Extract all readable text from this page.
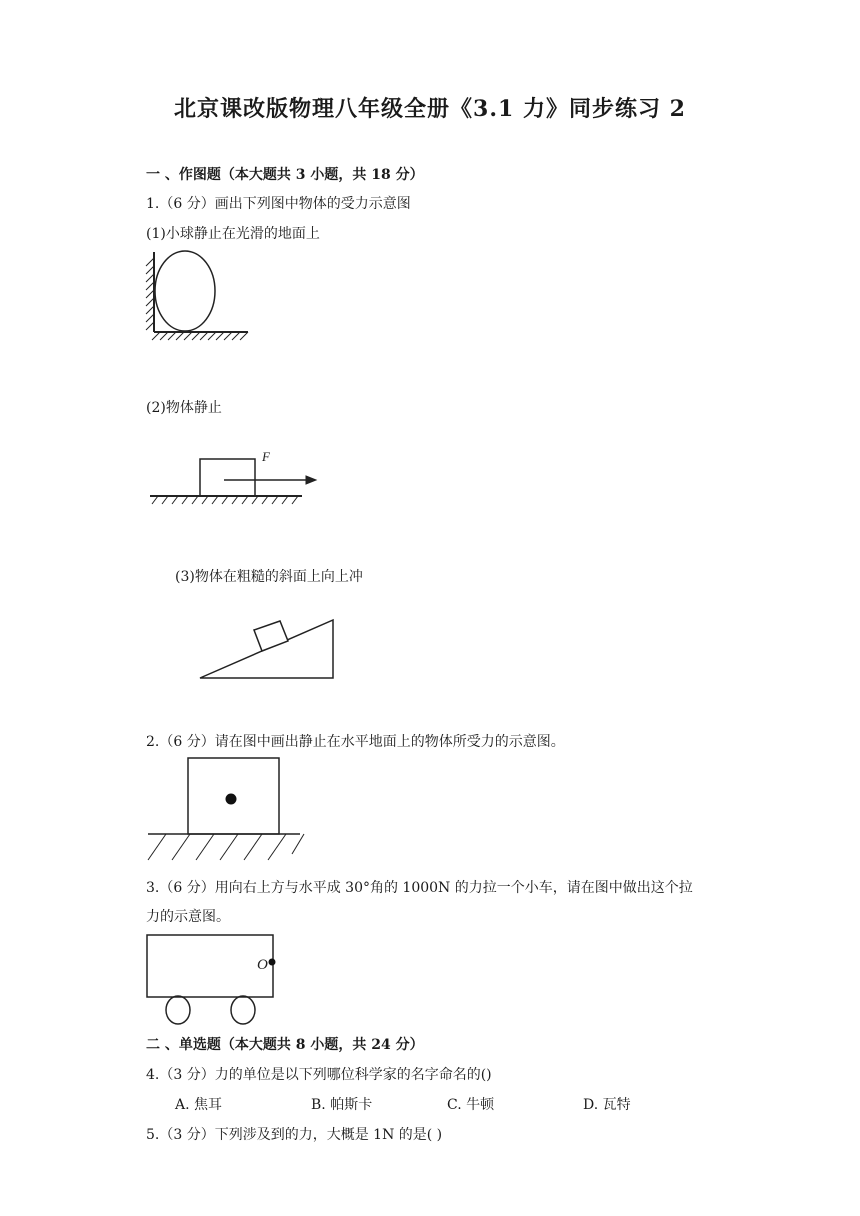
北京课改版物理八年级全册《3.1 力》同步练习 2
一 、作图题（本大题共 3 小题，共 18 分）
1.（6 分）画出下列图中物体的受力示意图
(1)小球静止在光滑的地面上
(2)物体静止
F
(3)物体在粗糙的斜面上向上冲
2.（6 分）请在图中画出静止在水平地面上的物体所受力的示意图。
3.（6 分）用向右上方与水平成 30°角的 1000N 的力拉一个小车，请在图中做出这个拉
力的示意图。
O
二 、单选题（本大题共 8 小题，共 24 分）
4.（3 分）力的单位是以下列哪位科学家的名字命名的()
A. 焦耳	B. 帕斯卡	C. 牛顿	D. 瓦特
5.（3 分）下列涉及到的力，大概是 1N 的是( )
